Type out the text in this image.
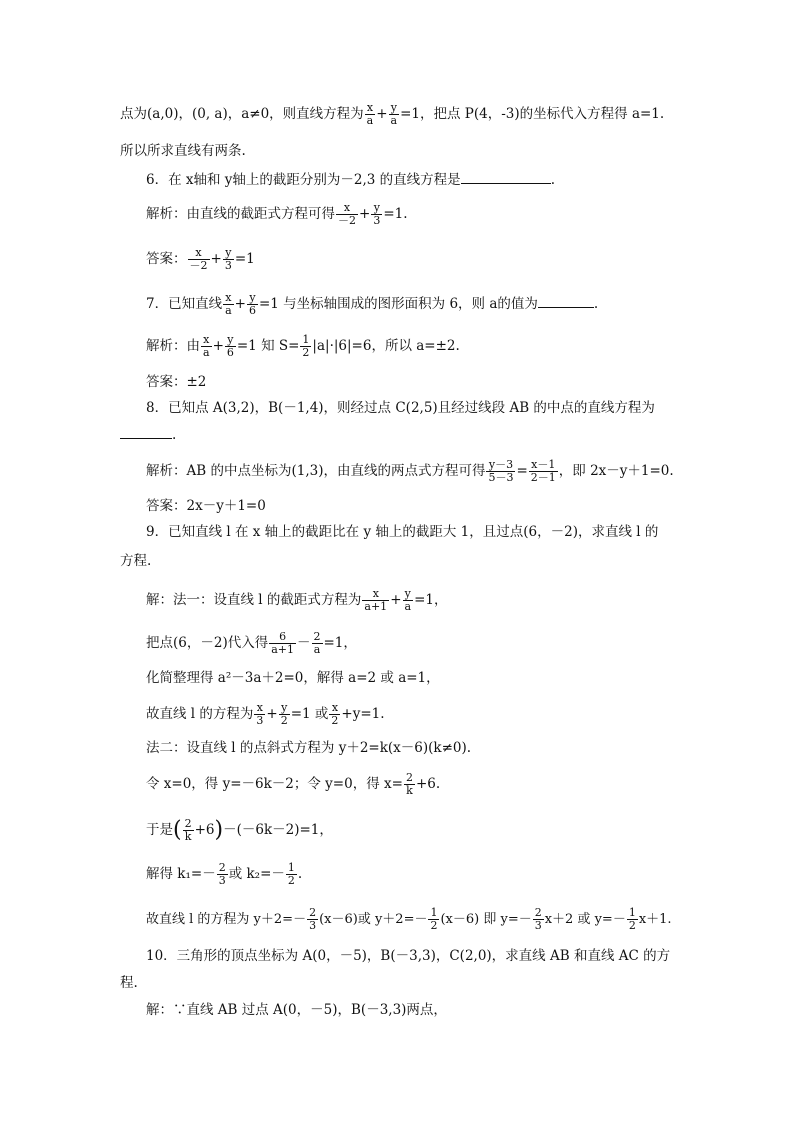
点为(a,0)，(0, a)，a≠0，则直线方程为 $\frac{x}{a} + \frac{y}{a} =1$，把点 P(4，-3)的坐标代入方程得 a=1.
所以所求直线有两条.
6．在 x轴和 y轴上的截距分别为－2,3 的直线方程是	.
解析：由直线的截距式方程可得 $\frac{x}{-2} + \frac{y}{3} =1$.
答案： $\frac{x}{-2} + \frac{y}{3} =1$
7．已知直线 $\frac{x}{a} + \frac{y}{6} =1$ 与坐标轴围成的图形面积为 6，则 a的值为	.
解析：由 $\frac{x}{a} + \frac{y}{6} =1$ 知 $S= \frac{1}{2} |a|\cdot|6|=6$，所以 a=±2.
答案：±2
8．已知点 A(3,2)，B(－1,4)，则经过点 C(2,5)且经过线段 AB 的中点的直线方程为
.
解析：AB 的中点坐标为(1,3)，由直线的两点式方程可得 $\frac{y-3}{5-3} = \frac{x-1}{2-1}$ ，即 2x－y＋1=0.
答案：2x－y＋1=0
9．已知直线 l 在 x 轴上的截距比在 y 轴上的截距大 1，且过点(6，－2)，求直线 l 的
方程.
解：法一：设直线 l 的截距式方程为 $\frac{x}{a+1} + \frac{y}{a} =1$，
把点(6，－2)代入得 $\frac{6}{a+1} - \frac{2}{a} =1$，
化简整理得 a²－3a＋2=0，解得 a=2 或 a=1，
故直线 l 的方程为 $\frac{x}{3} + \frac{y}{2} =1$ 或 $\frac{x}{2} +y=1$.
法二：设直线 l 的点斜式方程为 y＋2=k(x－6)(k≠0).
令 x=0，得 y=－6k－2；令 y=0，得 $x= \frac{2}{k} +6$.
于是( $\frac{2}{k} +6)-(-6k-2)=1$，
解得 $k_1=- \frac{2}{3}$ 或 $k_2=- \frac{1}{2}$ .
故直线 l 的方程为 $y+2=- \frac{2}{3} (x-6)$或 $y+2=- \frac{1}{2} (x-6)$ 即 $y=- \frac{2}{3} x+2$ 或 $y=- \frac{1}{2} x+1$.
10．三角形的顶点坐标为 A(0，－5)，B(－3,3)，C(2,0)，求直线 AB 和直线 AC 的方
程.
解：∵直线 AB 过点 A(0，－5)，B(－3,3)两点，
